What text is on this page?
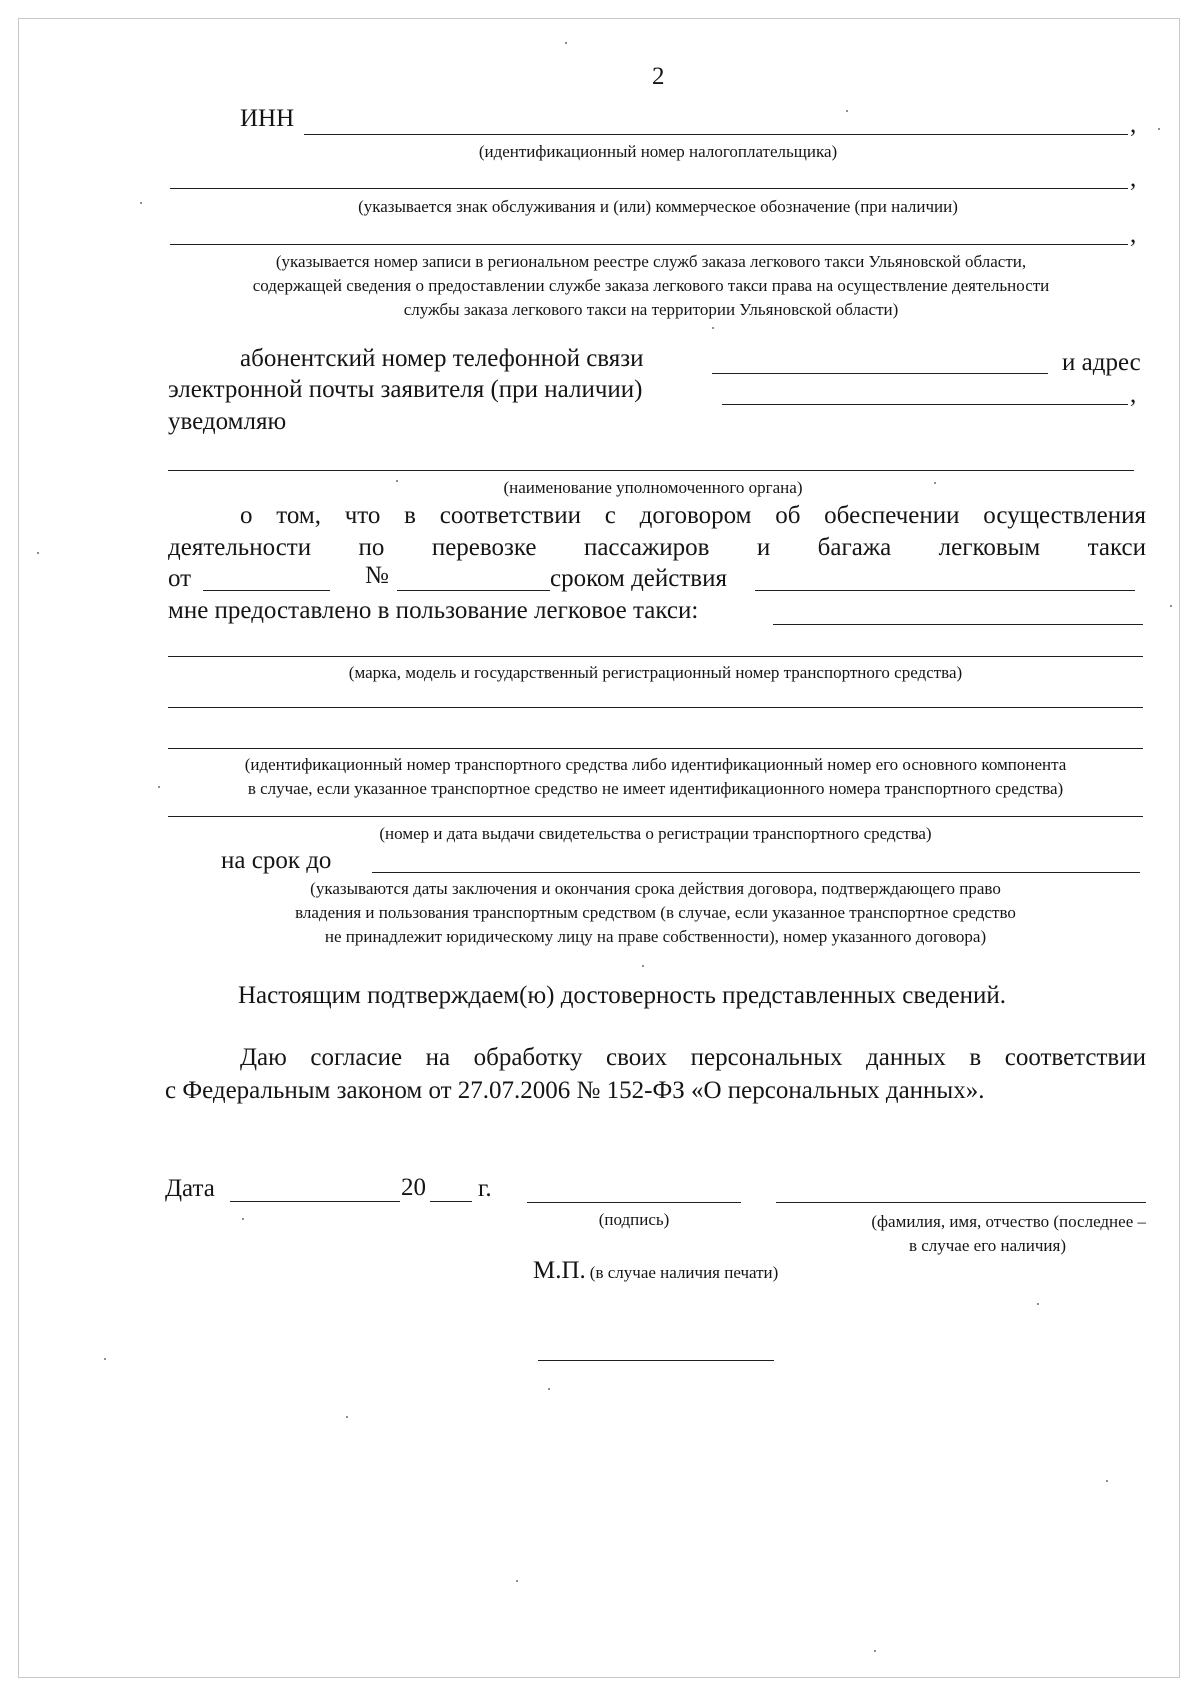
2
ИНН	,
(идентификационный номер налогоплательщика)
,
(указывается знак обслуживания и (или) коммерческое обозначение (при наличии)
,
(указывается номер записи в региональном реестре служб заказа легкового такси Ульяновской области,
содержащей сведения о предоставлении службе заказа легкового такси права на осуществление деятельности
службы заказа легкового такси на территории Ульяновской области)
абонентский номер телефонной связи	и адрес
электронной почты заявителя (при наличии)	,
уведомляю
(наименование уполномоченного органа)
о том, что в соответствии с договором об обеспечении осуществления
деятельности по перевозке пассажиров и багажа легковым такси
от	№	сроком действия
мне предоставлено в пользование легковое такси:
(марка, модель и государственный регистрационный номер транспортного средства)
(идентификационный номер транспортного средства либо идентификационный номер его основного компонента
в случае, если указанное транспортное средство не имеет идентификационного номера транспортного средства)
(номер и дата выдачи свидетельства о регистрации транспортного средства)
на срок до
(указываются даты заключения и окончания срока действия договора, подтверждающего право
владения и пользования транспортным средством (в случае, если указанное транспортное средство
не принадлежит юридическому лицу на праве собственности), номер указанного договора)
Настоящим подтверждаем(ю) достоверность представленных сведений.
Даю согласие на обработку своих персональных данных в соответствии
с Федеральным законом от 27.07.2006 № 152-ФЗ «О персональных данных».
Дата	20 г.
(подпись)	(фамилия, имя, отчество (последнее –
в случае его наличия)
М.П. (в случае наличия печати)
